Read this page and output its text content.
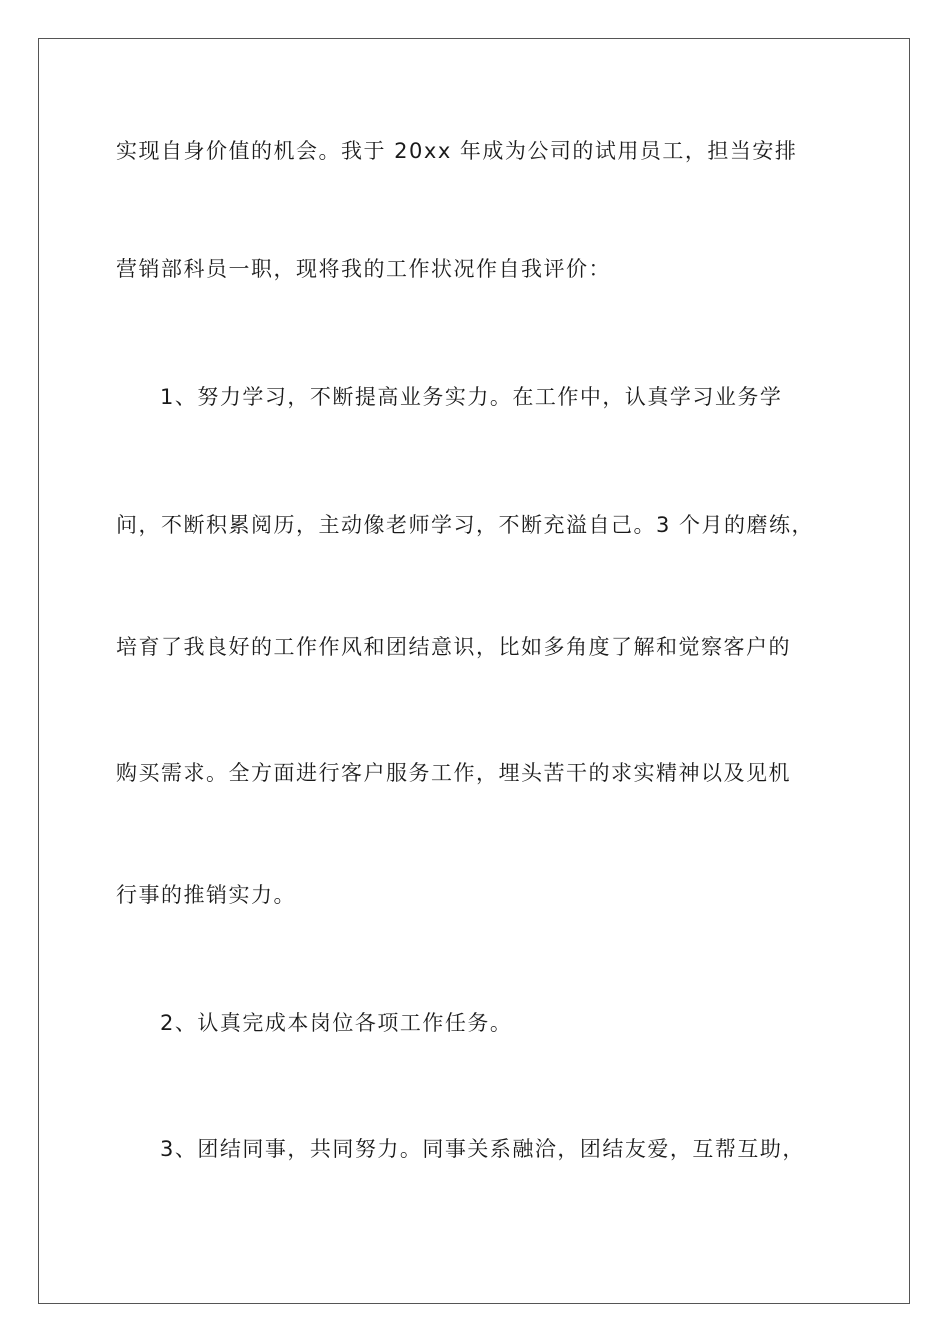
实现自身价值的机会。我于 20xx 年成为公司的试用员工，担当安排
营销部科员一职，现将我的工作状况作自我评价：
1、努力学习，不断提高业务实力。在工作中，认真学习业务学
问，不断积累阅历，主动像老师学习，不断充溢自己。3 个月的磨练，
培育了我良好的工作作风和团结意识，比如多角度了解和觉察客户的
购买需求。全方面进行客户服务工作，埋头苦干的求实精神以及见机
行事的推销实力。
2、认真完成本岗位各项工作任务。
3、团结同事，共同努力。同事关系融洽，团结友爱，互帮互助，
